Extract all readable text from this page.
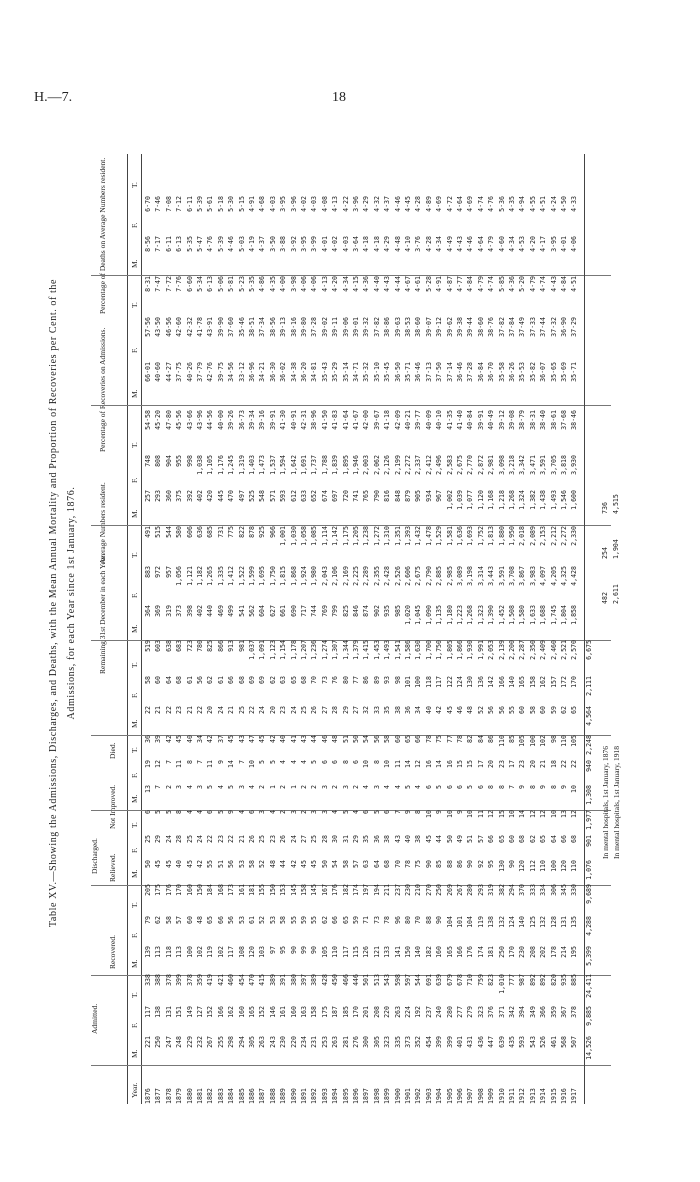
H.—7.	18
Table XV.—Showing the Admissions, Discharges, and Deaths, with the Mean Annual Mortality and Proportion of Recoveries per Cent. of the Admissions, for each Year since 1st January, 1876.
Year.
Admitted.
Discharged.
Recovered.
Relieved.
Not Improved.
Died.
Remaining 31st December in each Year.
Average Numbers resident.
Percentage of Recoveries on Admissions.
Percentage of Deaths on Average Numbers resident.
M.
F.
T.
M.
F.
T.
M.
F.
T.
M.
F.
T.
M.
F.
T.
M.
F.
T.
M.
F.
T.
M.
F.
T.
M.
F.
T.
1876
221
117
338
139
79
205
50
25
6
13
19
36
22
58
519
364
883
491
257
748
54·58
66·01
57·56
8·31
8·56
6·70
1877
250
138
388
113
62
175
45
29
5
7
12
39
21
60
603
369
972
515
293
808
45·20
40·60
43·50
7·47
7·17
7·46
1878
247
131
378
118
58
176
45
24
5
2
7
42
22
64
638
319
957
544
360
904
47·80
44·27
46·56
7·72
6·11
7·08
1879
248
151
399
113
57
170
40
28
8
3
11
45
23
68
683
373
1,056
580
375
955
45·56
37·75
42·60
7·76
6·13
7·12
1880
229
149
378
100
60
160
45
25
4
4
8
40
21
61
723
398
1,121
606
392
998
43·66
40·26
42·32
6·60
5·35
6·11
1881
232
127
359
102
48
150
42
24
4
3
7
34
22
56
780
402
1,182
636
402
1,038
43·96
37·79
41·78
5·34
5·47
5·39
1882
267
152
419
119
65
184
55
22
6
5
11
42
20
62
825
440
1,265
685
420
1,105
44·56
42·76
43·91
6·13
4·76
5·61
1883
255
166
421
102
66
168
51
23
5
4
9
37
24
61
866
469
1,335
731
445
1,176
40·00
39·75
39·90
5·06
5·39
5·18
1884
298
162
460
117
56
173
56
22
9
5
14
45
21
66
913
499
1,412
775
470
1,245
39·26
34·56
37·60
5·81
4·46
5·30
1885
294
160
454
108
53
161
53
21
4
3
7
43
25
68
981
541
1,522
822
497
1,319
36·73
33·12
35·46
5·23
5·03
5·15
1886
305
165
470
120
61
181
58
26
6
4
10
47
22
69
1,037
562
1,599
878
525
1,403
39·34
36·96
38·51
5·35
4·19
4·91
1887
263
152
415
103
52
155
52
25
3
2
5
45
24
69
1,091
604
1,695
925
548
1,473
39·16
34·21
37·34
4·86
4·37
4·68
1888
243
146
389
97
53
150
48
23
4
1
5
42
20
62
1,123
627
1,750
966
571
1,537
39·91
36·30
38·56
4·35
3·50
4·03
1889
230
161
391
95
58
153
44
26
2
2
4
40
23
63
1,154
661
1,815
1,001
593
1,594
41·30
36·02
39·13
4·00
3·88
3·95
1890
220
160
380
90
55
145
42
24
3
1
4
41
24
65
1,178
690
1,868
1,030
612
1,642
40·91
34·38
38·16
3·98
3·92
3·96
1891
234
163
397
99
59
158
45
27
2
2
4
43
25
68
1,207
717
1,924
1,058
633
1,691
42·31
36·20
39·80
4·06
3·95
4·02
1892
231
158
389
90
55
145
45
25
3
2
5
44
26
70
1,236
744
1,980
1,085
652
1,737
38·96
34·81
37·28
4·06
3·99
4·03
1893
253
175
428
105
62
167
50
28
3
3
6
46
27
73
1,274
769
2,043
1,114
674
1,788
41·50
35·43
39·02
4·13
4·01
4·08
1894
263
187
450
110
66
176
54
30
4
2
6
48
28
76
1,307
799
2,106
1,142
697
1,839
41·83
35·29
39·11
4·20
4·02
4·13
1895
281
185
466
117
65
182
58
31
5
3
8
51
29
80
1,344
825
2,169
1,175
720
1,895
41·64
35·14
39·06
4·34
4·03
4·22
1896
276
170
446
115
59
174
57
29
4
2
6
50
27
77
1,379
846
2,225
1,205
741
1,946
41·67
34·71
39·01
4·15
3·64
3·96
1897
300
201
501
126
71
197
63
35
6
4
10
54
32
86
1,415
874
2,289
1,238
765
2,003
42·00
35·32
39·32
4·36
4·18
4·29
1898
305
208
513
121
73
194
64
36
5
3
8
56
33
89
1,453
902
2,355
1,272
790
2,062
39·67
35·10
37·82
4·40
4·18
4·32
1899
323
220
543
133
78
211
68
38
6
4
10
58
35
93
1,493
935
2,428
1,310
816
2,126
41·18
35·45
38·86
4·43
4·29
4·37
1900
335
263
598
141
96
237
70
43
7
4
11
60
38
98
1,541
985
2,526
1,351
848
2,199
42·09
36·50
39·63
4·44
4·48
4·46
1901
373
224
597
150
80
230
78
40
9
5
14
65
36
101
1,586
1,020
2,606
1,393
879
2,272
40·21
35·71
38·53
4·67
4·10
4·45
1902
352
192
544
140
70
210
75
38
8
4
12
66
34
100
1,630
1,045
2,675
1,432
905
2,337
39·77
36·46
38·60
4·61
3·76
4·28
1903
454
237
691
182
88
270
90
45
10
6
16
78
40
118
1,700
1,090
2,790
1,478
934
2,412
40·09
37·13
39·07
5·28
4·28
4·89
1904
399
240
639
160
90
250
85
44
9
5
14
75
42
117
1,750
1,135
2,885
1,529
967
2,496
40·10
37·50
39·12
4·91
4·34
4·69
1905
399
280
679
165
104
269
88
50
10
6
16
77
45
122
1,805
1,180
2,985
1,581
1,002
2,583
41·35
37·14
39·62
4·87
4·49
4·72
1906
401
277
678
166
101
267
86
49
9
6
15
78
46
124
1,866
1,223
3,089
1,636
1,039
2,675
41·40
36·46
39·38
4·77
4·43
4·64
1907
431
279
710
176
104
280
90
51
10
5
15
82
48
130
1,930
1,268
3,198
1,693
1,077
2,770
40·84
37·28
39·44
4·84
4·46
4·69
1908
436
323
759
174
119
293
92
57
11
6
17
84
52
136
1,991
1,323
3,314
1,752
1,120
2,872
39·91
36·84
38·60
4·79
4·64
4·74
1909
447
376
823
181
138
319
95
66
12
8
20
86
56
142
2,053
1,390
3,443
1,813
1,168
2,981
40·49
36·70
38·76
4·74
4·79
4·76
1910
639
371
1,010
250
132
382
130
65
15
8
23
110
56
166
2,139
1,452
3,591
1,880
1,218
3,098
39·12
35·58
37·82
5·85
4·60
5·36
1911
435
342
777
170
124
294
90
60
10
7
17
85
55
140
2,200
1,508
3,708
1,950
1,268
3,218
39·08
36·26
37·84
4·36
4·34
4·35
1912
593
394
987
230
140
370
120
68
14
9
23
105
60
165
2,287
1,580
3,867
2,018
1,324
3,342
38·79
35·53
37·49
5·20
4·53
4·94
1913
543
349
892
208
125
333
112
62
12
8
20
100
58
158
2,350
1,633
3,983
2,089
1,382
3,471
38·31
35·82
37·33
4·79
4·20
4·55
1914
526
366
892
202
132
334
110
65
12
9
21
102
60
162
2,409
1,688
4,097
2,153
1,438
3,591
38·40
36·07
37·44
4·74
4·17
4·51
1915
461
359
820
178
128
306
100
64
10
8
18
98
59
157
2,460
1,745
4,205
2,212
1,493
3,705
38·61
35·65
37·32
4·43
3·95
4·24
1916
568
367
935
214
131
345
120
66
13
9
22
110
62
172
2,521
1,804
4,325
2,272
1,546
3,818
37·68
35·69
36·90
4·84
4·01
4·50
1917
507
378
885
195
135
330
110
68
12
10
22
105
65
170
2,570
1,858
4,428
2,330
1,600
3,930
38·46
35·71
37·29
4·51
4·06
4·33
14,526
9,885
24,411
5,399
4,288
9,689
1,076
901
1,977
1,308
940
2,248
4,564
2,111
6,675
In mental hospitals, 1st January, 1876
482
254
736
In mental hospitals, 1st January, 1918
2,611
1,904
4,515
